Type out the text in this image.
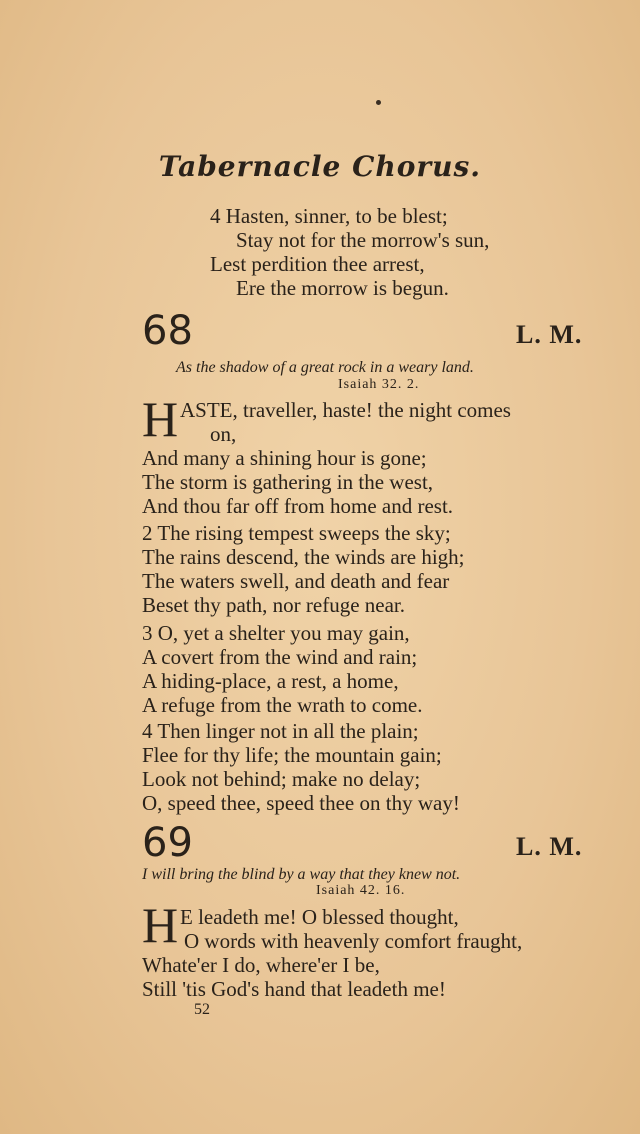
Tabernacle Chorus.
4 Hasten, sinner, to be blest;
Stay not for the morrow's sun,
Lest perdition thee arrest,
Ere the morrow is begun.
68	L. M.
As the shadow of a great rock in a weary land.
Isaiah 32. 2.
H ASTE, traveller, haste! the night comes
on,
And many a shining hour is gone;
The storm is gathering in the west,
And thou far off from home and rest.
2 The rising tempest sweeps the sky;
The rains descend, the winds are high;
The waters swell, and death and fear
Beset thy path, nor refuge near.
3 O, yet a shelter you may gain,
A covert from the wind and rain;
A hiding-place, a rest, a home,
A refuge from the wrath to come.
4 Then linger not in all the plain;
Flee for thy life; the mountain gain;
Look not behind; make no delay;
O, speed thee, speed thee on thy way!
69	L. M.
I will bring the blind by a way that they knew not.
Isaiah 42. 16.
H E leadeth me! O blessed thought,
O words with heavenly comfort fraught,
Whate'er I do, where'er I be,
Still 'tis God's hand that leadeth me!
52
